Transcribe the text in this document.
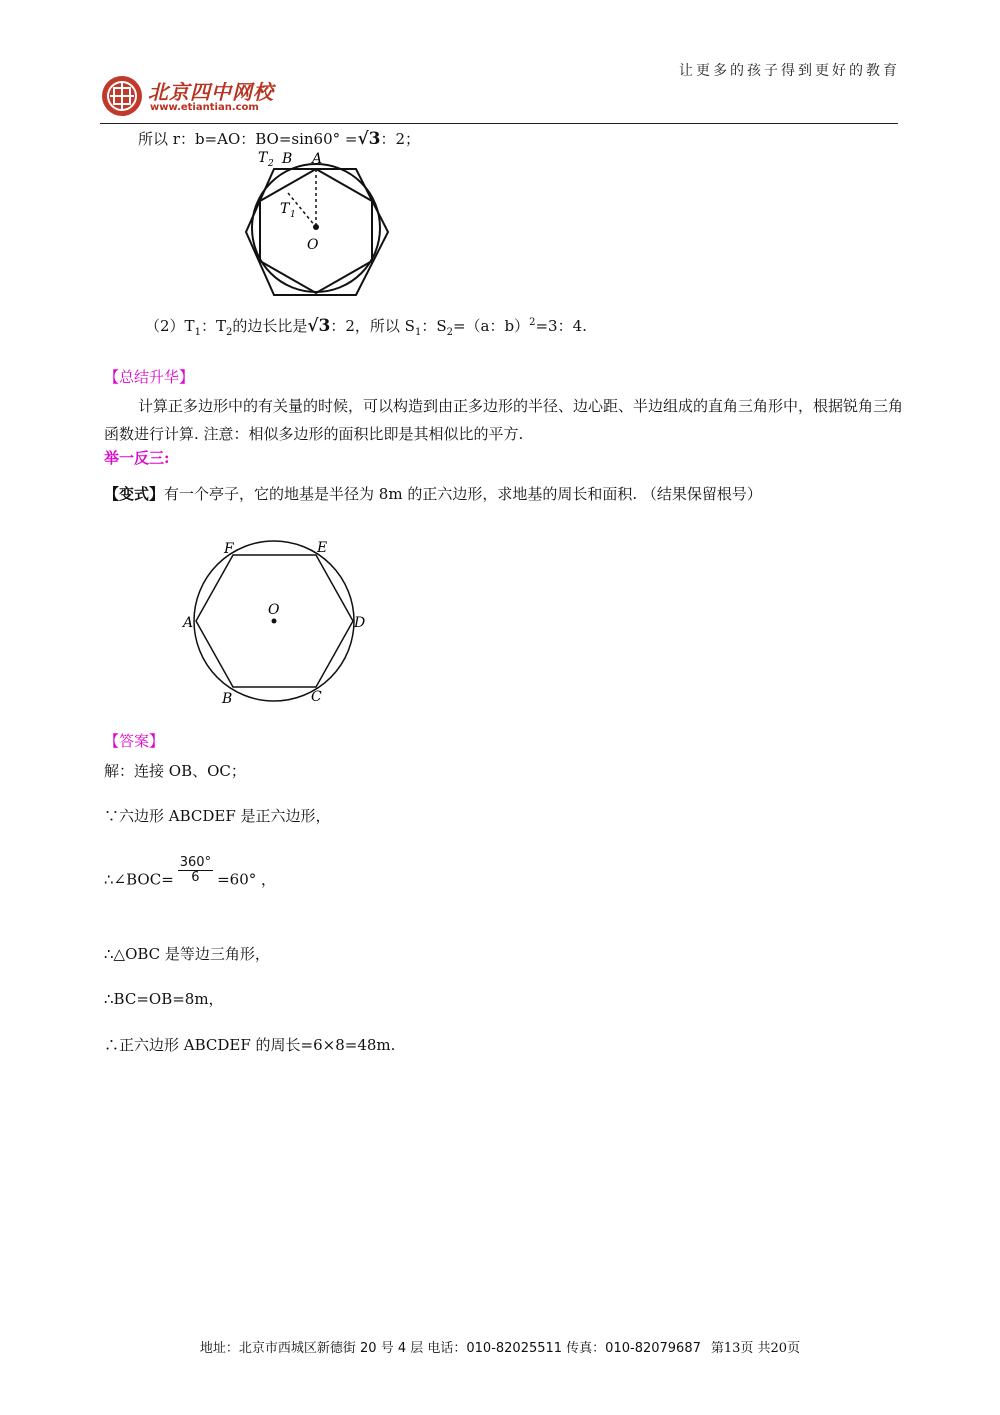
让更多的孩子得到更好的教育
北京四中网校
www.etiantian.com
所以 r：b=AO：BO=sin60° =√3：2；
T 2 B A
T 1
O
$(2)T_1$：$T_2$的边长比是√3：2，所以 $S_1$：$S_2=(a$：b）$^2$=3：4.
【总结升华】
计算正多边形中的有关量的时候，可以构造到由正多边形的半径、边心距、半边组成的直角三角形中，根据锐角三角函数进行计算. 注意：相似多边形的面积比即是其相似比的平方.
举一反三:
【变式】有一个亭子，它的地基是半径为 8m 的正六边形，求地基的周长和面积. （结果保留根号）
F	E
A	D
B	C
O
【答案】
解：连接 OB、OC；
∵六边形 ABCDEF 是正六边形，
∴∠BOC= $\frac{360^\circ}{6} =60^\circ$ ，
∴△OBC 是等边三角形，
∴BC=OB=8m，
∴正六边形 ABCDEF 的周长=6×8=48m.
地址：北京市西城区新德街 20 号 4 层 电话：010-82025511 传真：010-82079687 第13页 共20页
